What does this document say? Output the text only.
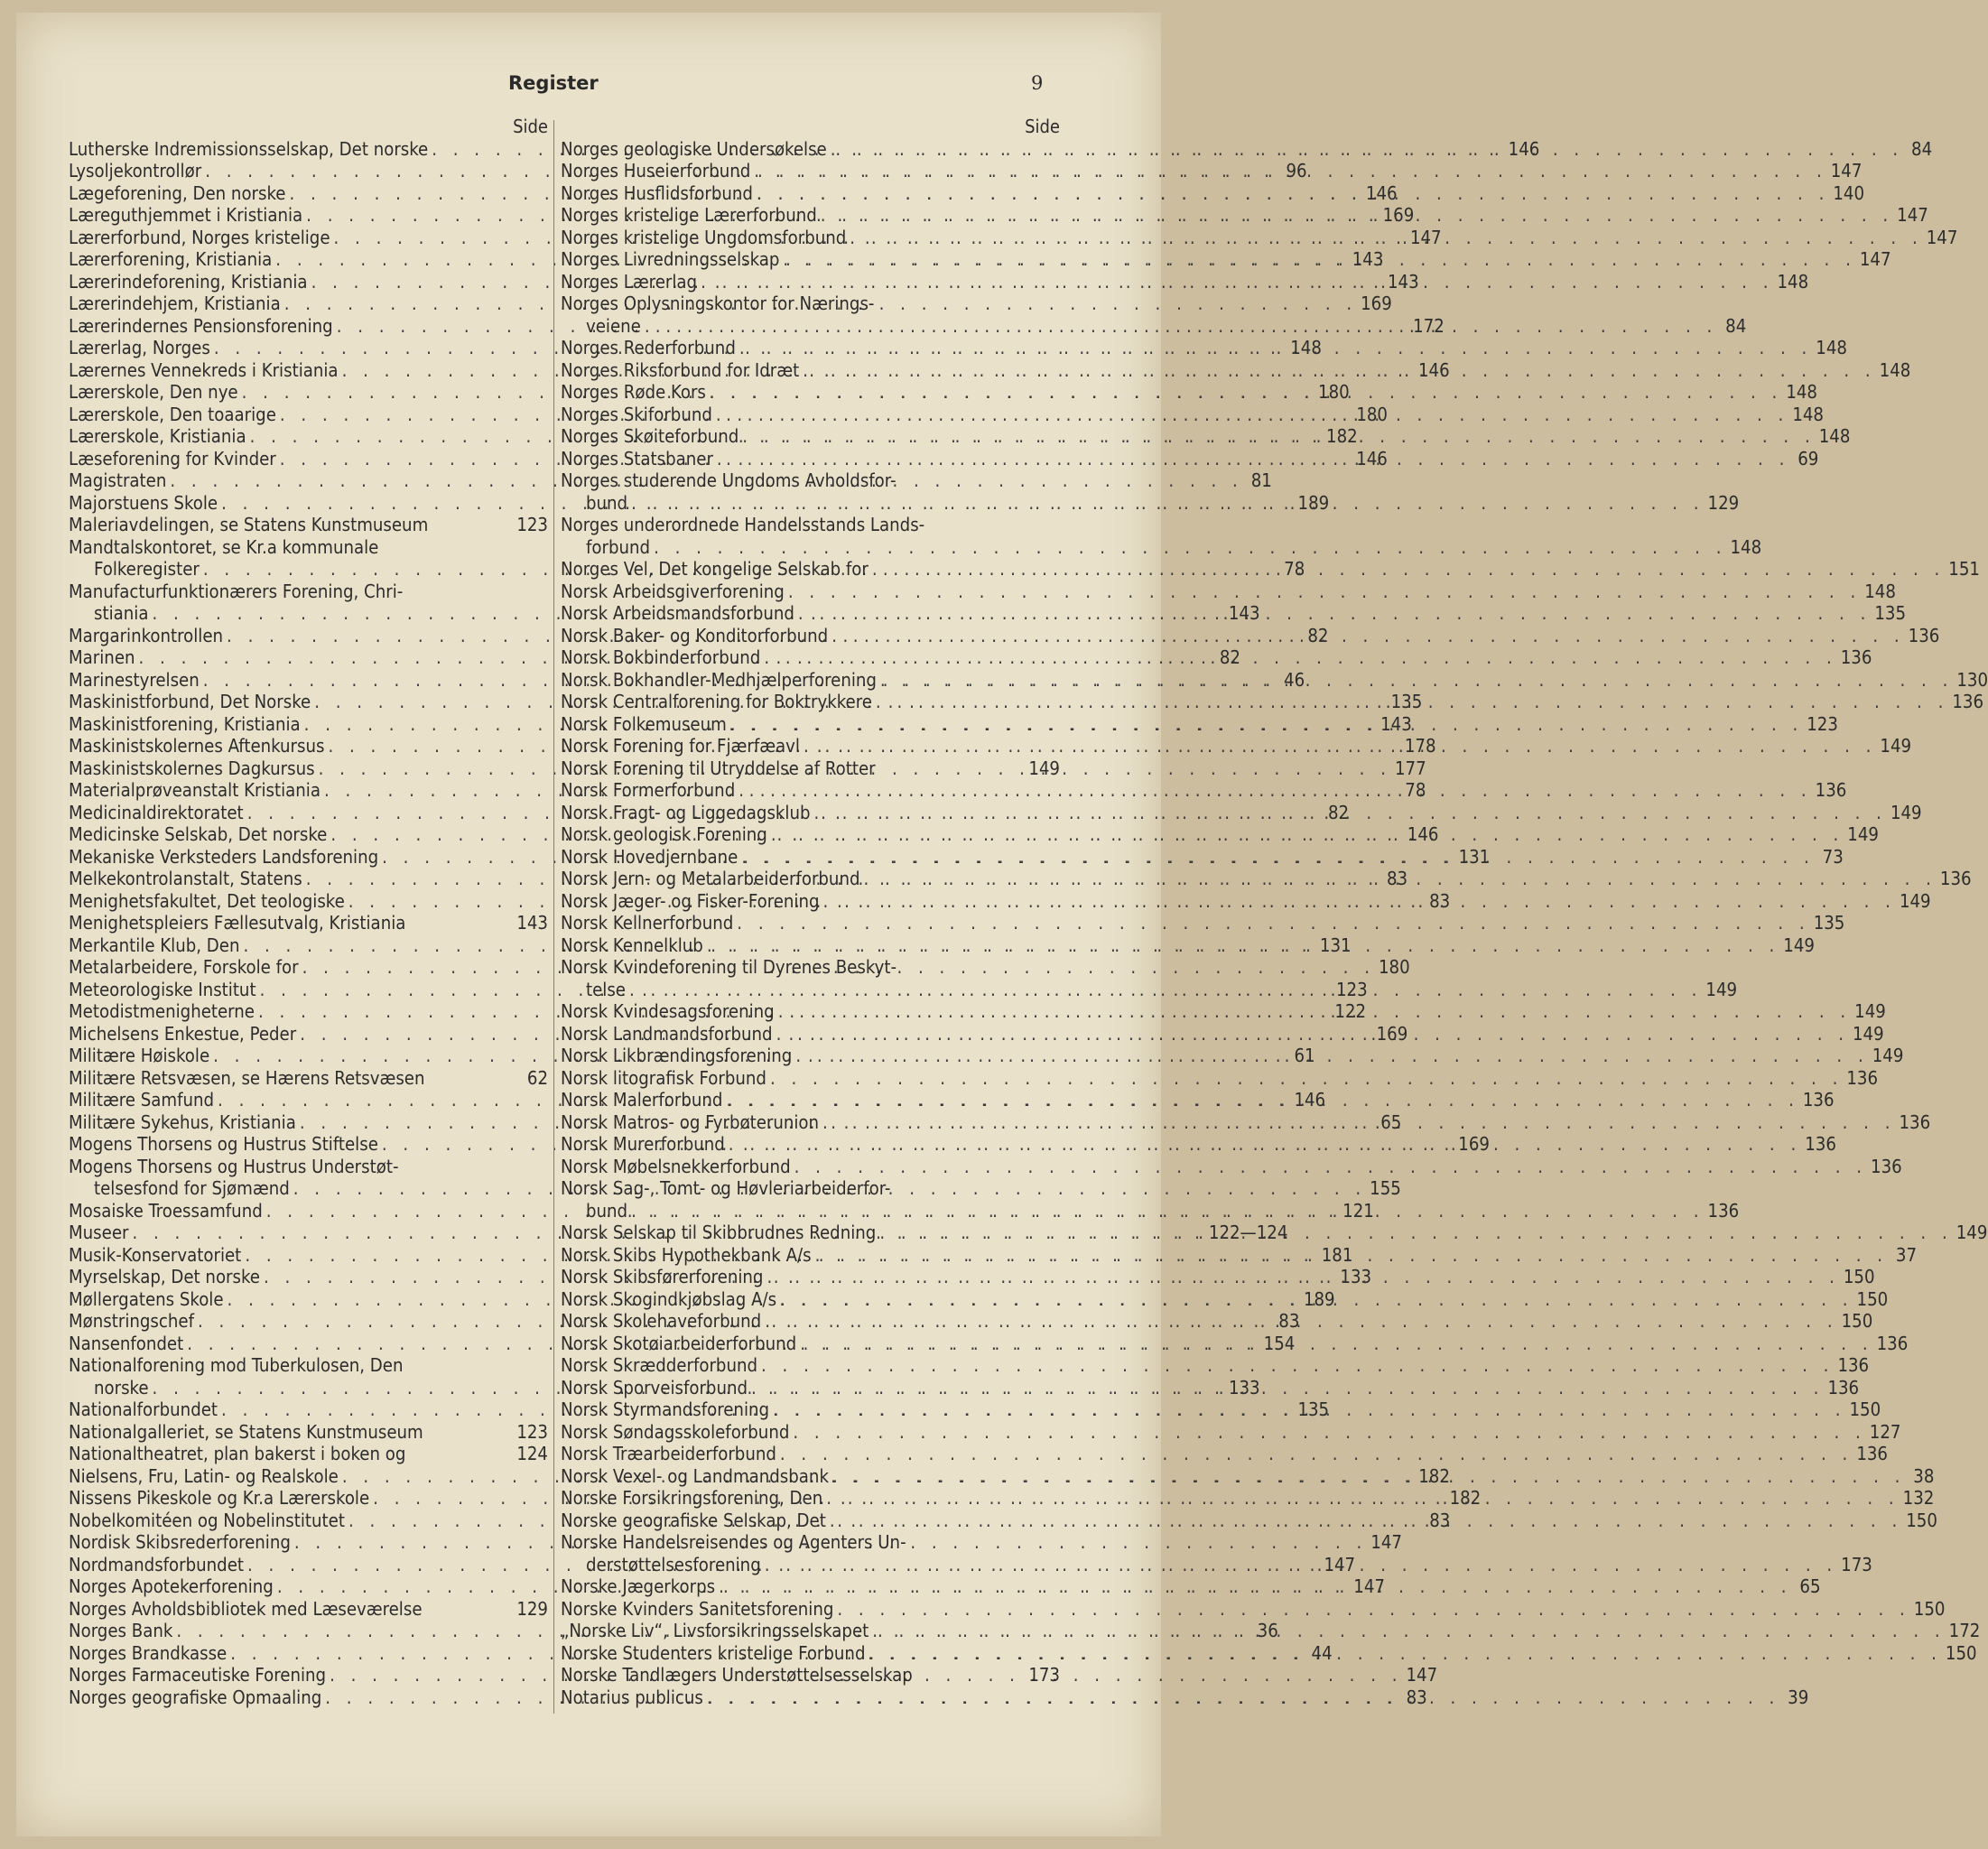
Register	9
Side
Lutherske Indremissionsselskap, Det norske . . .	146
Lysoljekontrollør . . .	96
Lægeforening, Den norske . . .	146
Læreguthjemmet i Kristiania . . .	169
Lærerforbund, Norges kristelige . . .	147
Lærerforening, Kristiania . . .	143
Lærerindeforening, Kristiania . . .	143
Lærerindehjem, Kristiania . . .	169
Lærerindernes Pensionsforening . . .	172
Lærerlag, Norges . . .	148
Lærernes Vennekreds i Kristiania . . .	146
Lærerskole, Den nye . . .	180
Lærerskole, Den toaarige . . .	180
Lærerskole, Kristiania . . .	182
Læseforening for Kvinder . . .	146
Magistraten . . .	81
Majorstuens Skole . . .	189
Maleriavdelingen, se Statens Kunstmuseum	123
Mandtalskontoret, se Kr.a kommunale
Folkeregister . . .	78
Manufacturfunktionærers Forening, Chri-
stiania . . .	143
Margarinkontrollen . . .	82
Marinen . . .	82
Marinestyrelsen . . .	46
Maskinistforbund, Det Norske . . .	135
Maskinistforening, Kristiania . . .	143
Maskinistskolernes Aftenkursus . . .	178
Maskinistskolernes Dagkursus . . .	177
Materialprøveanstalt Kristiania . . .	78
Medicinaldirektoratet . . .	82
Medicinske Selskab, Det norske . . .	146
Mekaniske Verksteders Landsforening . . .	131
Melkekontrolanstalt, Statens . . .	83
Menighetsfakultet, Det teologiske . . .	83
Menighetspleiers Fællesutvalg, Kristiania	143
Merkantile Klub, Den . . .	131
Metalarbeidere, Forskole for . . .	180
Meteorologiske Institut . . .	123
Metodistmenigheterne . . .	122
Michelsens Enkestue, Peder . . .	169
Militære Høiskole . . .	61
Militære Retsvæsen, se Hærens Retsvæsen	62
Militære Samfund . . .	146
Militære Sykehus, Kristiania . . .	65
Mogens Thorsens og Hustrus Stiftelse . . .	169
Mogens Thorsens og Hustrus Understøt-
telsesfond for Sjømænd . . .	155
Mosaiske Troessamfund . . .	121
Museer . . .	122—124
Musik-Konservatoriet . . .	181
Myrselskap, Det norske . . .	133
Møllergatens Skole . . .	189
Mønstringschef . . .	83
Nansenfondet . . .	154
Nationalforening mod Tuberkulosen, Den
norske . . .	133
Nationalforbundet . . .	135
Nationalgalleriet, se Statens Kunstmuseum	123
Nationaltheatret, plan bakerst i boken og	124
Nielsens, Fru, Latin- og Realskole . . .	182
Nissens Pikeskole og Kr.a Lærerskole . . .	182
Nobelkomitéen og Nobelinstitutet . . .	83
Nordisk Skibsrederforening . . .	147
Nordmandsforbundet . . .	147
Norges Apotekerforening . . .	147
Norges Avholdsbibliotek med Læseværelse	129
Norges Bank . . .	36
Norges Brandkasse . . .	44
Norges Farmaceutiske Forening . . .	147
Norges geografiske Opmaaling . . .	83
Side
Norges geologiske Undersøkelse . . .	84
Norges Huseierforbund . . .	147
Norges Husflidsforbund . . .	140
Norges kristelige Lærerforbund . . .	147
Norges kristelige Ungdomsforbund . . .	147
Norges Livredningsselskap . . .	147
Norges Lærerlag . . .	148
Norges Oplysningskontor for Nærings-
veiene . . .	84
Norges Rederforbund . . .	148
Norges Riksforbund for Idræt . . .	148
Norges Røde Kors . . .	148
Norges Skiforbund . . .	148
Norges Skøiteforbund . . .	148
Norges Statsbaner . . .	69
Norges studerende Ungdoms Avholdsfor-
bund . . .	129
Norges underordnede Handelsstands Lands-
forbund . . .	148
Norges Vel, Det kongelige Selskab for . . .	151
Norsk Arbeidsgiverforening . . .	148
Norsk Arbeidsmandsforbund . . .	135
Norsk Baker- og Konditorforbund . . .	136
Norsk Bokbinderforbund . . .	136
Norsk Bokhandler-Medhjælperforening . . .	130
Norsk Centralforening for Boktrykkere . . .	136
Norsk Folkemuseum . . .	123
Norsk Forening for Fjærfæavl . . .	149
Norsk Forening til Utryddelse af Rotter	149
Norsk Formerforbund . . .	136
Norsk Fragt- og Liggedagsklub . . .	149
Norsk geologisk Forening . . .	149
Norsk Hovedjernbane . . .	73
Norsk Jern- og Metalarbeiderforbund . . .	136
Norsk Jæger- og Fisker-Forening . . .	149
Norsk Kellnerforbund . . .	135
Norsk Kennelklub . . .	149
Norsk Kvindeforening til Dyrenes Beskyt-
telse . . .	149
Norsk Kvindesagsforening . . .	149
Norsk Landmandsforbund . . .	149
Norsk Likbrændingsforening . . .	149
Norsk litografisk Forbund . . .	136
Norsk Malerforbund . . .	136
Norsk Matros- og Fyrbøterunion . . .	136
Norsk Murerforbund . . .	136
Norsk Møbelsnekkerforbund . . .	136
Norsk Sag-, Tomt- og Høvleriarbeiderfor-
bund . . .	136
Norsk Selskap til Skibbrudnes Redning . . .	149
Norsk Skibs Hypothekbank A/s . . .	37
Norsk Skibsførerforening . . .	150
Norsk Skogindkjøbslag A/s . . .	150
Norsk Skolehaveforbund . . .	150
Norsk Skotøiarbeiderforbund . . .	136
Norsk Skrædderforbund . . .	136
Norsk Sporveisforbund . . .	136
Norsk Styrmandsforening . . .	150
Norsk Søndagsskoleforbund . . .	127
Norsk Træarbeiderforbund . . .	136
Norsk Vexel- og Landmandsbank . . .	38
Norske Forsikringsforening, Den . . .	132
Norske geografiske Selskap, Det . . .	150
Norske Handelsreisendes og Agenters Un-
derstøttelsesforening . . .	173
Norske Jægerkorps . . .	65
Norske Kvinders Sanitetsforening . . .	150
„Norske Liv“, Livsforsikringsselskapet . . .	172
Norske Studenters kristelige Forbund . . .	150
Norske Tandlægers Understøttelsesselskap	173
Notarius publicus . . .	39
